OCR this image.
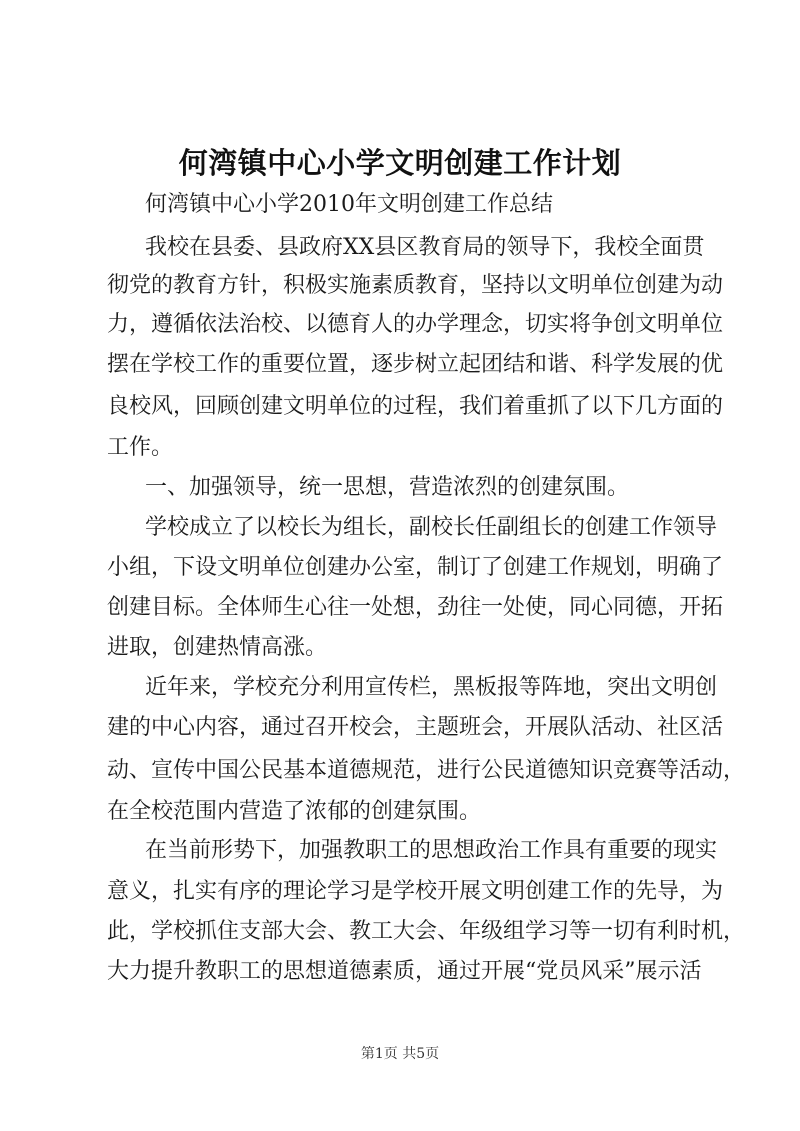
何湾镇中心小学文明创建工作计划
何湾镇中心小学2010年文明创建工作总结
我校在县委、县政府XX县区教育局的领导下，我校全面贯
彻党的教育方针，积极实施素质教育，坚持以文明单位创建为动
力，遵循依法治校、以德育人的办学理念，切实将争创文明单位
摆在学校工作的重要位置，逐步树立起团结和谐、科学发展的优
良校风，回顾创建文明单位的过程，我们着重抓了以下几方面的
工作。
一、加强领导，统一思想，营造浓烈的创建氛围。
学校成立了以校长为组长，副校长任副组长的创建工作领导
小组，下设文明单位创建办公室，制订了创建工作规划，明确了
创建目标。全体师生心往一处想，劲往一处使，同心同德，开拓
进取，创建热情高涨。
近年来，学校充分利用宣传栏，黑板报等阵地，突出文明创
建的中心内容，通过召开校会，主题班会，开展队活动、社区活
动、宣传中国公民基本道德规范，进行公民道德知识竞赛等活动，
在全校范围内营造了浓郁的创建氛围。
在当前形势下，加强教职工的思想政治工作具有重要的现实
意义，扎实有序的理论学习是学校开展文明创建工作的先导，为
此，学校抓住支部大会、教工大会、年级组学习等一切有利时机，
大力提升教职工的思想道德素质，通过开展“党员风采”展示活
第1页 共5页
